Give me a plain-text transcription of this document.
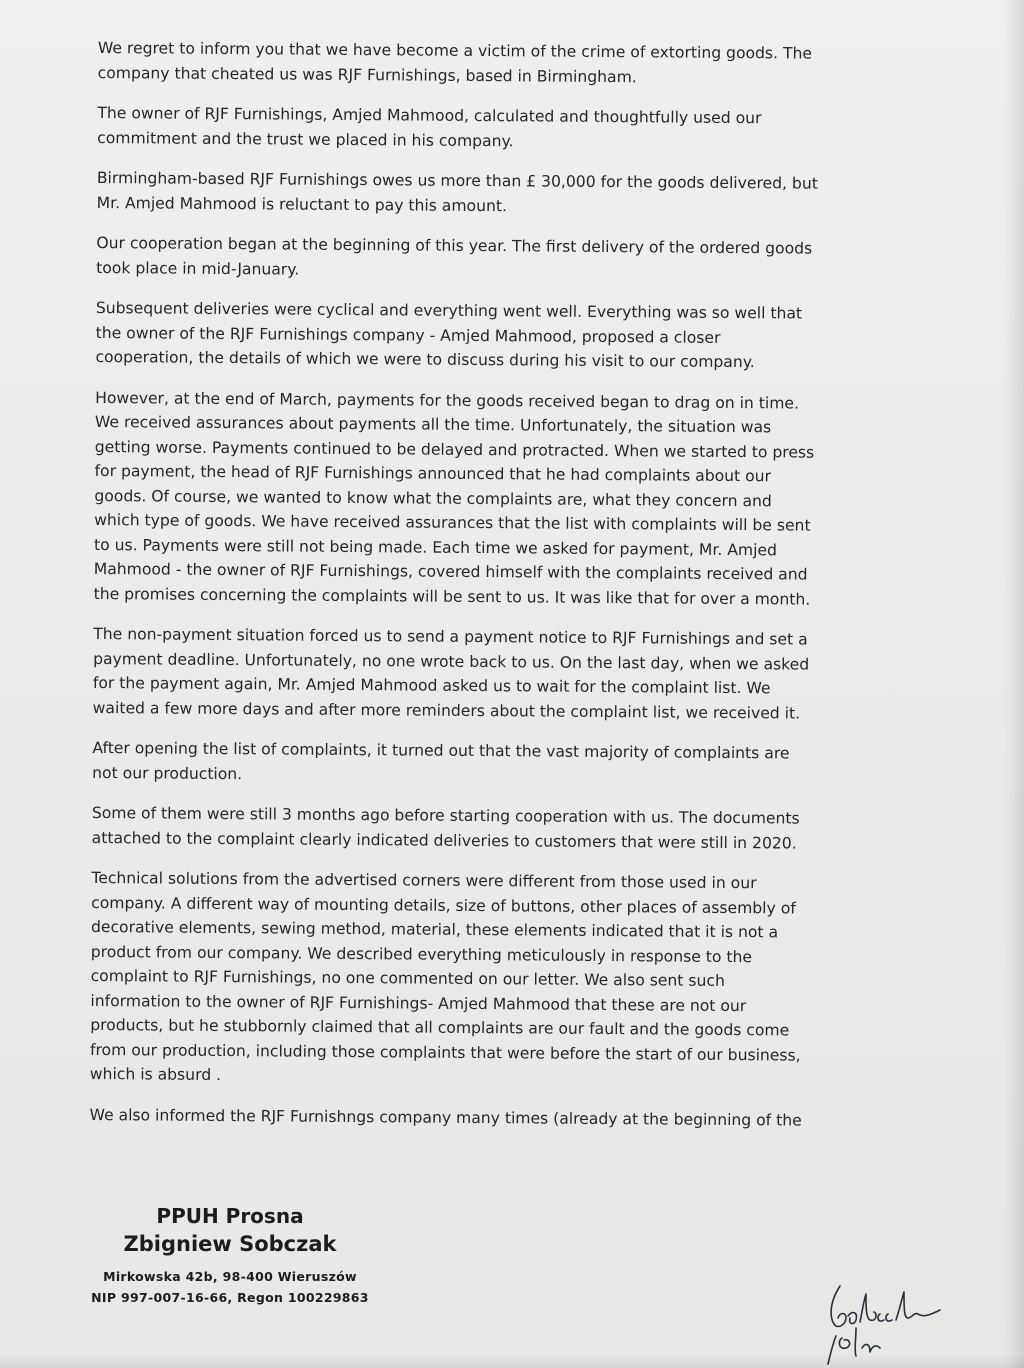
We regret to inform you that we have become a victim of the crime of extorting goods. The company that cheated us was RJF Furnishings, based in Birmingham.

The owner of RJF Furnishings, Amjed Mahmood, calculated and thoughtfully used our commitment and the trust we placed in his company.

Birmingham-based RJF Furnishings owes us more than £ 30,000 for the goods delivered, but Mr. Amjed Mahmood is reluctant to pay this amount.

Our cooperation began at the beginning of this year. The first delivery of the ordered goods took place in mid-January.

Subsequent deliveries were cyclical and everything went well. Everything was so well that the owner of the RJF Furnishings company - Amjed Mahmood, proposed a closer cooperation, the details of which we were to discuss during his visit to our company.

However, at the end of March, payments for the goods received began to drag on in time. We received assurances about payments all the time. Unfortunately, the situation was getting worse. Payments continued to be delayed and protracted. When we started to press for payment, the head of RJF Furnishings announced that he had complaints about our goods. Of course, we wanted to know what the complaints are, what they concern and which type of goods. We have received assurances that the list with complaints will be sent to us. Payments were still not being made. Each time we asked for payment, Mr. Amjed Mahmood - the owner of RJF Furnishings, covered himself with the complaints received and the promises concerning the complaints will be sent to us. It was like that for over a month.

The non-payment situation forced us to send a payment notice to RJF Furnishings and set a payment deadline. Unfortunately, no one wrote back to us. On the last day, when we asked for the payment again, Mr. Amjed Mahmood asked us to wait for the complaint list. We waited a few more days and after more reminders about the complaint list, we received it.

After opening the list of complaints, it turned out that the vast majority of complaints are not our production.

Some of them were still 3 months ago before starting cooperation with us. The documents attached to the complaint clearly indicated deliveries to customers that were still in 2020.

Technical solutions from the advertised corners were different from those used in our company. A different way of mounting details, size of buttons, other places of assembly of decorative elements, sewing method, material, these elements indicated that it is not a product from our company. We described everything meticulously in response to the complaint to RJF Furnishings, no one commented on our letter. We also sent such information to the owner of RJF Furnishings- Amjed Mahmood that these are not our products, but he stubbornly claimed that all complaints are our fault and the goods come from our production, including those complaints that were before the start of our business, which is absurd .

We also informed the RJF Furnishngs company many times (already at the beginning of the

PPUH Prosna
Zbigniew Sobczak
Mirkowska 42b, 98-400 Wieruszów
NIP 997-007-16-66, Regon 100229863
